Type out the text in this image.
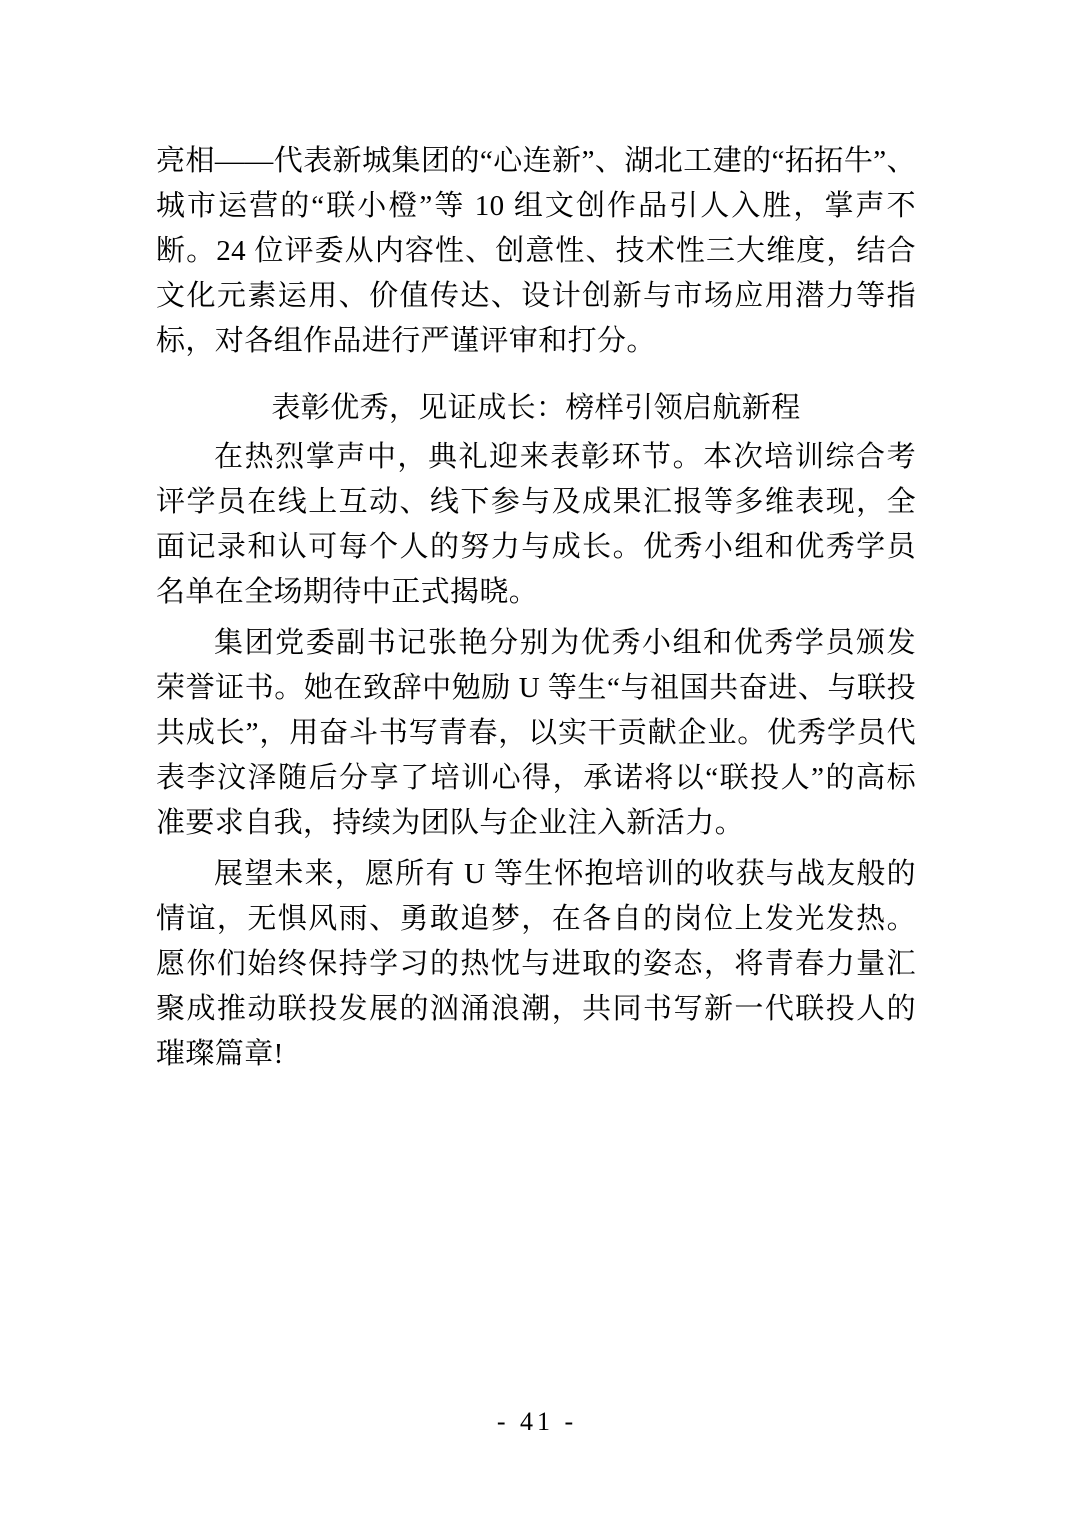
亮相——代表新城集团的“心连新”、湖北工建的“拓拓牛”、城市运营的“联小橙”等 10 组文创作品引人入胜，掌声不断。24 位评委从内容性、创意性、技术性三大维度，结合文化元素运用、价值传达、设计创新与市场应用潜力等指标，对各组作品进行严谨评审和打分。

表彰优秀，见证成长：榜样引领启航新程

在热烈掌声中，典礼迎来表彰环节。本次培训综合考评学员在线上互动、线下参与及成果汇报等多维表现，全面记录和认可每个人的努力与成长。优秀小组和优秀学员名单在全场期待中正式揭晓。

集团党委副书记张艳分别为优秀小组和优秀学员颁发荣誉证书。她在致辞中勉励 U 等生“与祖国共奋进、与联投共成长”，用奋斗书写青春，以实干贡献企业。优秀学员代表李汶泽随后分享了培训心得，承诺将以“联投人”的高标准要求自我，持续为团队与企业注入新活力。

展望未来，愿所有 U 等生怀抱培训的收获与战友般的情谊，无惧风雨、勇敢追梦，在各自的岗位上发光发热。愿你们始终保持学习的热忱与进取的姿态，将青春力量汇聚成推动联投发展的汹涌浪潮，共同书写新一代联投人的璀璨篇章!

- 41 -
